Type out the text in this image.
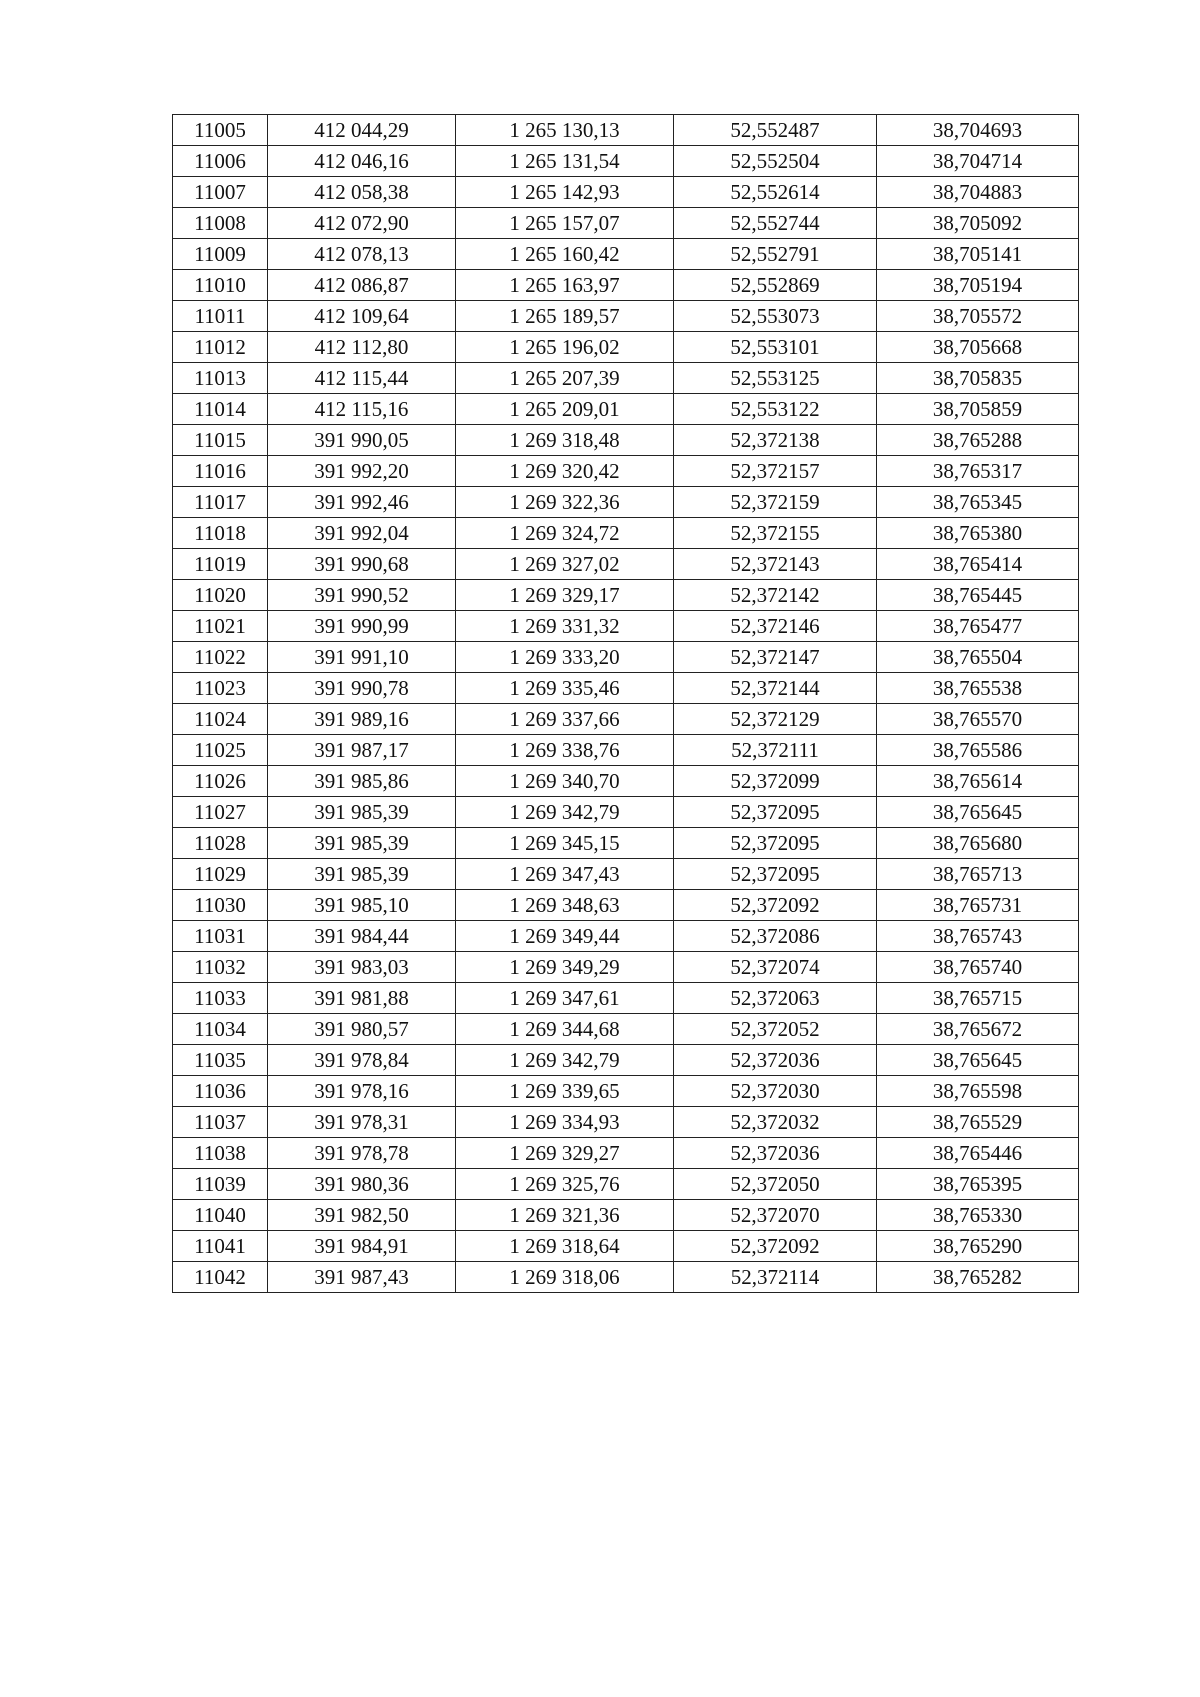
11005	412 044,29	1 265 130,13	52,552487	38,704693
11006	412 046,16	1 265 131,54	52,552504	38,704714
11007	412 058,38	1 265 142,93	52,552614	38,704883
11008	412 072,90	1 265 157,07	52,552744	38,705092
11009	412 078,13	1 265 160,42	52,552791	38,705141
11010	412 086,87	1 265 163,97	52,552869	38,705194
11011	412 109,64	1 265 189,57	52,553073	38,705572
11012	412 112,80	1 265 196,02	52,553101	38,705668
11013	412 115,44	1 265 207,39	52,553125	38,705835
11014	412 115,16	1 265 209,01	52,553122	38,705859
11015	391 990,05	1 269 318,48	52,372138	38,765288
11016	391 992,20	1 269 320,42	52,372157	38,765317
11017	391 992,46	1 269 322,36	52,372159	38,765345
11018	391 992,04	1 269 324,72	52,372155	38,765380
11019	391 990,68	1 269 327,02	52,372143	38,765414
11020	391 990,52	1 269 329,17	52,372142	38,765445
11021	391 990,99	1 269 331,32	52,372146	38,765477
11022	391 991,10	1 269 333,20	52,372147	38,765504
11023	391 990,78	1 269 335,46	52,372144	38,765538
11024	391 989,16	1 269 337,66	52,372129	38,765570
11025	391 987,17	1 269 338,76	52,372111	38,765586
11026	391 985,86	1 269 340,70	52,372099	38,765614
11027	391 985,39	1 269 342,79	52,372095	38,765645
11028	391 985,39	1 269 345,15	52,372095	38,765680
11029	391 985,39	1 269 347,43	52,372095	38,765713
11030	391 985,10	1 269 348,63	52,372092	38,765731
11031	391 984,44	1 269 349,44	52,372086	38,765743
11032	391 983,03	1 269 349,29	52,372074	38,765740
11033	391 981,88	1 269 347,61	52,372063	38,765715
11034	391 980,57	1 269 344,68	52,372052	38,765672
11035	391 978,84	1 269 342,79	52,372036	38,765645
11036	391 978,16	1 269 339,65	52,372030	38,765598
11037	391 978,31	1 269 334,93	52,372032	38,765529
11038	391 978,78	1 269 329,27	52,372036	38,765446
11039	391 980,36	1 269 325,76	52,372050	38,765395
11040	391 982,50	1 269 321,36	52,372070	38,765330
11041	391 984,91	1 269 318,64	52,372092	38,765290
11042	391 987,43	1 269 318,06	52,372114	38,765282
